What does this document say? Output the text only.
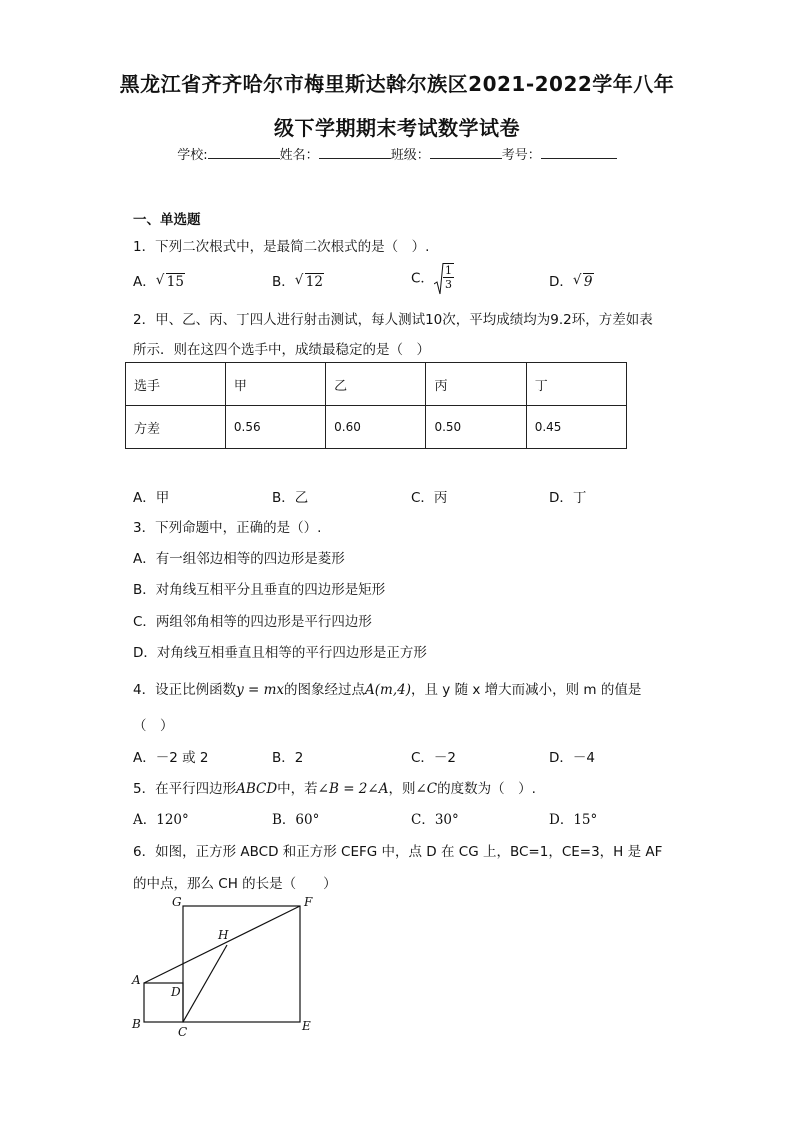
黑龙江省齐齐哈尔市梅里斯达斡尔族区2021-2022学年八年
级下学期期末考试数学试卷
学校:	姓名：	班级：	考号：
一、单选题
1．下列二次根式中，是最简二次根式的是（　）.
A． √ 15	B． √ 12	C． $\frac{1}{3}$	D． √ 9
2．甲、乙、丙、丁四人进行射击测试，每人测试10次，平均成绩均为9.2环，方差如表
所示．则在这四个选手中，成绩最稳定的是（　）
选手	甲	乙	丙	丁
方差	0.56	0.60	0.50	0.45
A．甲	B．乙	C．丙	D．丁
3．下列命题中，正确的是（）.
A．有一组邻边相等的四边形是菱形
B．对角线互相平分且垂直的四边形是矩形
C．两组邻角相等的四边形是平行四边形
D．对角线互相垂直且相等的平行四边形是正方形
4．设正比例函数y = mx的图象经过点A(m,4)，且 y 随 x 增大而减小，则 m 的值是
（　）
A．－2 或 2	B．2	C．－2	D．－4
5．在平行四边形ABCD中，若∠B = 2∠A，则∠C的度数为（　）.
A．120°	B．60°	C．30°	D．15°
6．如图，正方形 ABCD 和正方形 CEFG 中，点 D 在 CG 上，BC=1，CE=3，H 是 AF
的中点，那么 CH 的长是（　　）
G	F
H
A
D
B
C	E
